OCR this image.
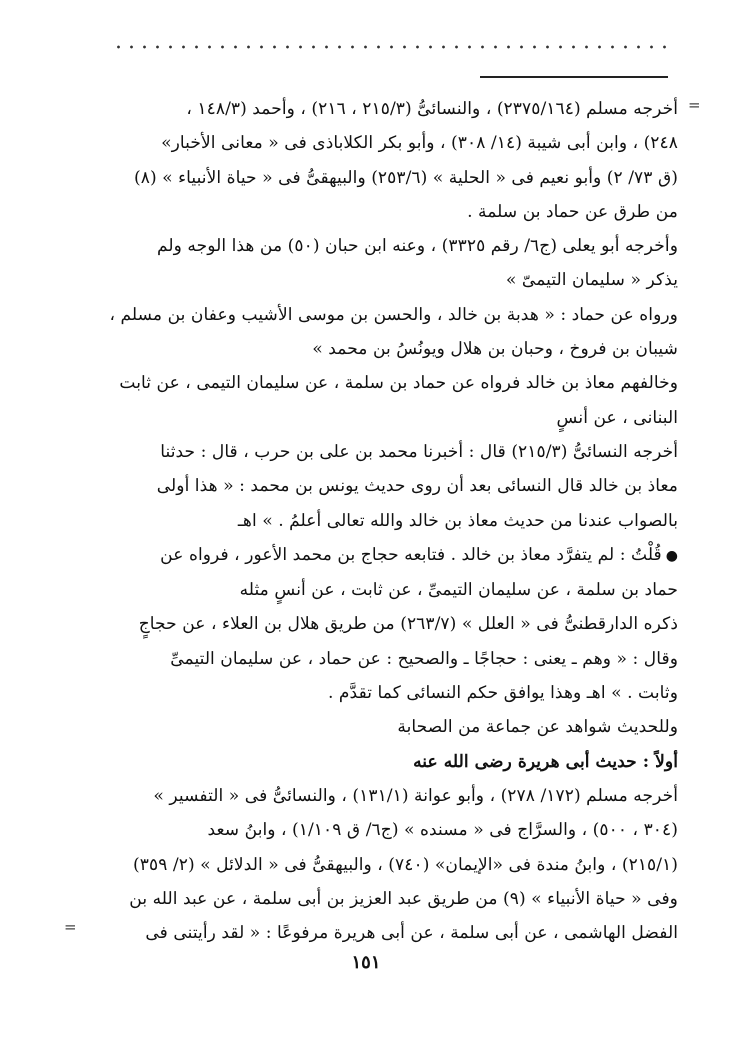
=
=
أخرجه مسلم (٢٣٧٥/١٦٤) ، والنسائىُّ (٢١٥/٣ ، ٢١٦) ، وأحمد (١٤٨/٣ ،
٢٤٨) ، وابن أبى شيبة (١٤/ ٣٠٨) ، وأبو بكر الكلاباذى فى « معانى الأخبار»
(ق ٧٣/ ٢) وأبو نعيم فى « الحلية » (٢٥٣/٦) والبيهقىُّ فى « حياة الأنبياء » (٨)
من طرق عن حماد بن سلمة .
وأخرجه أبو يعلى (ج٦/ رقم ٣٣٢٥) ، وعنه ابن حبان (٥٠) من هذا الوجه ولم
يذكر « سليمان التيمىّ »
ورواه عن حماد : « هدبة بن خالد ، والحسن بن موسى الأشيب وعفان بن مسلم ،
شيبان بن فروخ ، وحبان بن هلال ويونُسُ بن محمد »
وخالفهم معاذ بن خالد فرواه عن حماد بن سلمة ، عن سليمان التيمى ، عن ثابت
البنانى ، عن أنسٍ
أخرجه النسائىُّ (٢١٥/٣) قال : أخبرنا محمد بن على بن حرب ، قال : حدثنا
معاذ بن خالد قال النسائى بعد أن روى حديث يونس بن محمد : « هذا أولى
بالصواب عندنا من حديث معاذ بن خالد والله تعالى أعلمُ . » اهـ
●قُلْتُ : لم يتفرَّد معاذ بن خالد . فتابعه حجاج بن محمد الأعور ، فرواه عن
حماد بن سلمة ، عن سليمان التيمىِّ ، عن ثابت ، عن أنسٍ مثله
ذكره الدارقطنىُّ فى « العلل » (٢٦٣/٧) من طريق هلال بن العلاء ، عن حجاجٍ
وقال : « وهم ـ يعنى : حجاجًا ـ والصحيح : عن حماد ، عن سليمان التيمىِّ
وثابت . » اهـ وهذا يوافق حكم النسائى كما تقدَّم .
وللحديث شواهد عن جماعة من الصحابة
أولاً : حديث أبى هريرة رضى الله عنه
أخرجه مسلم (١٧٢/ ٢٧٨) ، وأبو عوانة (١٣١/١) ، والنسائىُّ فى « التفسير »
(٣٠٤ ، ٥٠٠) ، والسرَّاج فى « مسنده » (ج٦/ ق ١/١٠٩) ، وابنُ سعد
(٢١٥/١) ، وابنُ مندة فى «الإيمان» (٧٤٠) ، والبيهقىُّ فى « الدلائل » (٢/ ٣٥٩)
وفى « حياة الأنبياء » (٩) من طريق عبد العزيز بن أبى سلمة ، عن عبد الله بن
الفضل الهاشمى ، عن أبى سلمة ، عن أبى هريرة مرفوعًا : « لقد رأيتنى فى
١٥١
